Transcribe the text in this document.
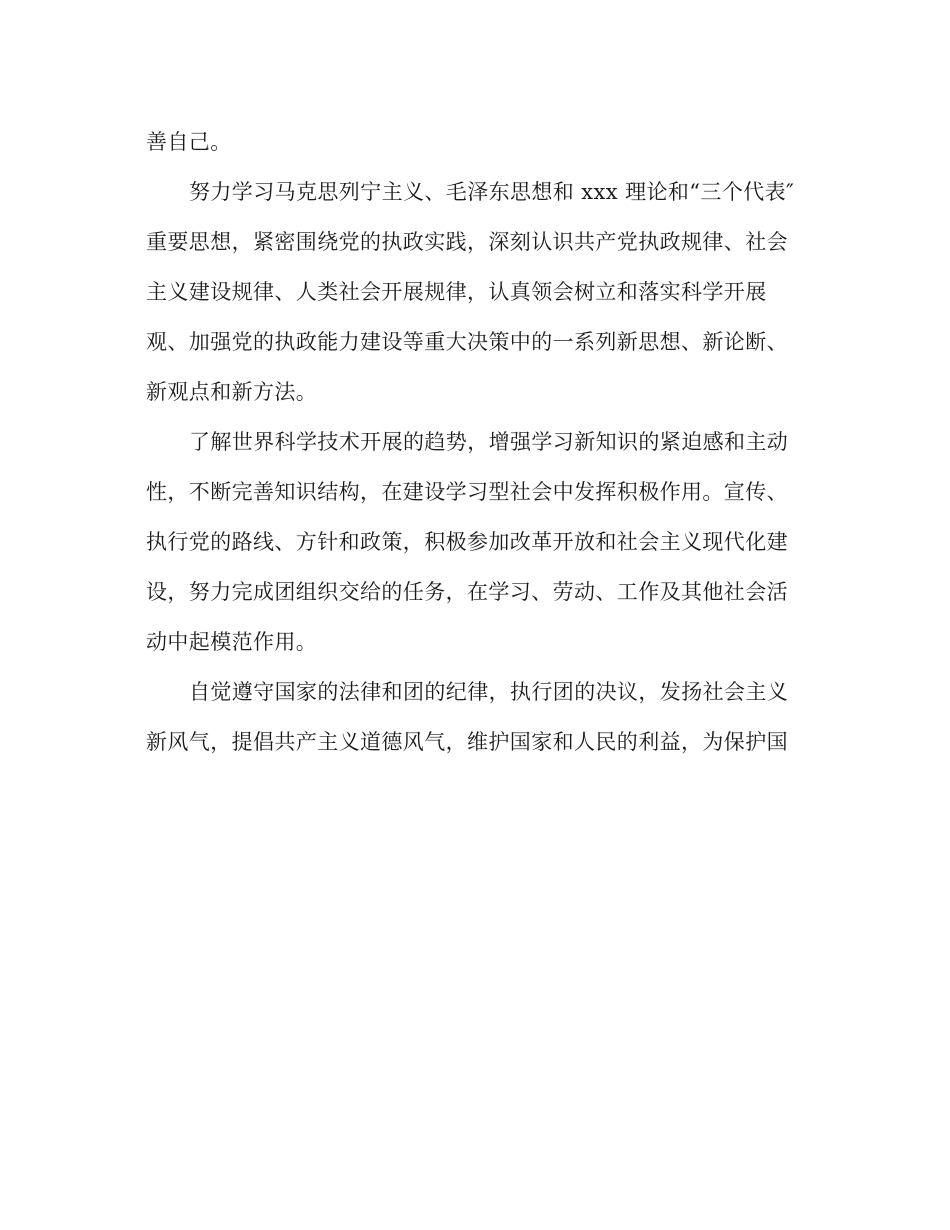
善自己。
努力学习马克思列宁主义、毛泽东思想和 xxx 理论和“三个代表″
重要思想，紧密围绕党的执政实践，深刻认识共产党执政规律、社会
主义建设规律、人类社会开展规律，认真领会树立和落实科学开展
观、加强党的执政能力建设等重大决策中的一系列新思想、新论断、
新观点和新方法。
了解世界科学技术开展的趋势，增强学习新知识的紧迫感和主动
性，不断完善知识结构，在建设学习型社会中发挥积极作用。宣传、
执行党的路线、方针和政策，积极参加改革开放和社会主义现代化建
设，努力完成团组织交给的任务，在学习、劳动、工作及其他社会活
动中起模范作用。
自觉遵守国家的法律和团的纪律，执行团的决议，发扬社会主义
新风气，提倡共产主义道德风气，维护国家和人民的利益，为保护国
